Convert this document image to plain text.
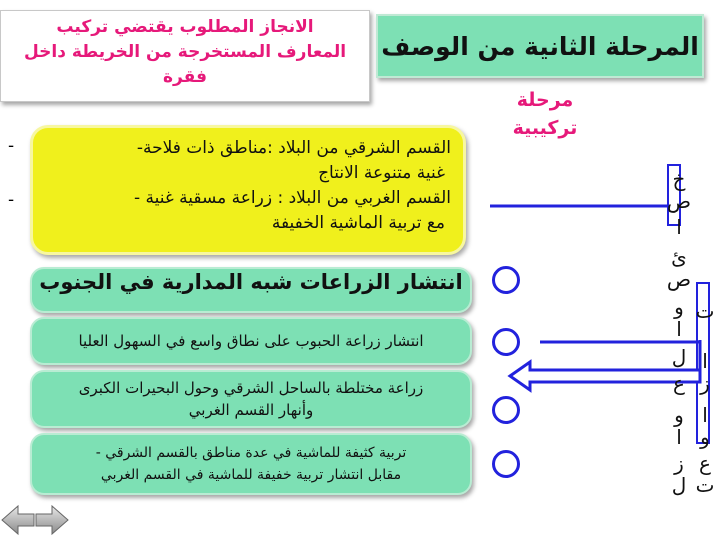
الانجاز المطلوب يقتضي تركيب
المعارف المستخرجة من الخريطة داخل
فقرة
المرحلة الثانية من الوصف
مرحلة
تركيبية
القسم الشرقي من البلاد :مناطق ذات فلاحة-
غنية متنوعة الانتاج
القسم الغربي من البلاد : زراعة مسقية غنية -
مع تربية الماشية الخفيفة
-
-
انتشار الزراعات شبه المدارية في الجنوب
انتشار زراعة الحبوب على نطاق واسع في السهول العليا
زراعة مختلطة بالساحل الشرقي وحول البحيرات الكبرى
وأنهار القسم الغربي
تربية كثيفة للماشية في عدة مناطق بالقسم الشرقي -
مقابل انتشار تربية خفيفة للماشية في القسم الغربي
خ
ص
ا
ئ
ص
و
ا
ل
ع
و
ا
ز
ل
ت
ا
ز
ا
و
ع
ت
